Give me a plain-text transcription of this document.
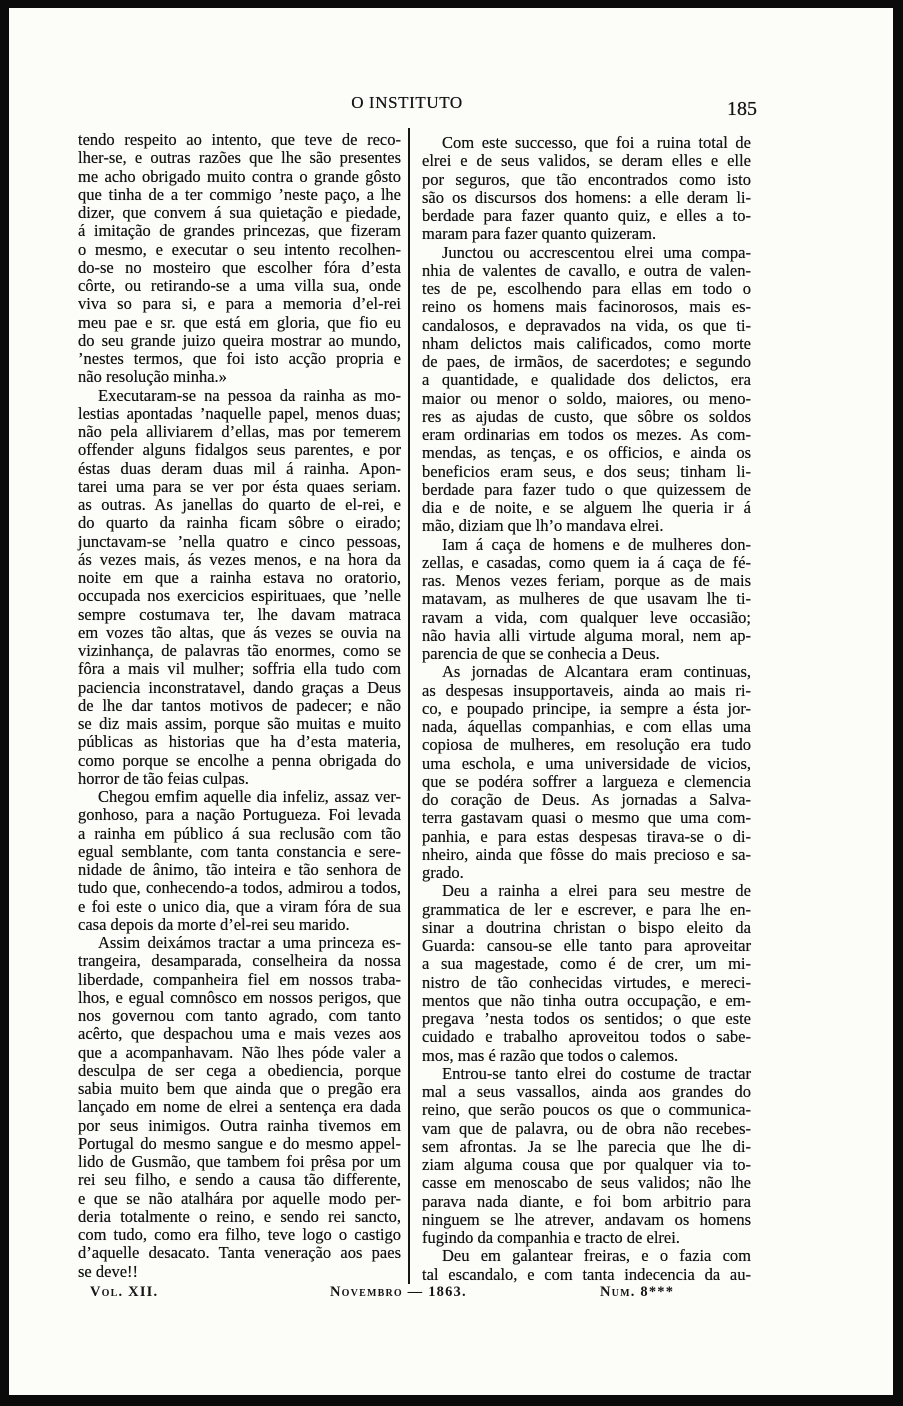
O INSTITUTO	185
tendo respeito ao intento, que teve de reco-
lher-se, e outras razões que lhe são presentes
me acho obrigado muito contra o grande gôsto
que tinha de a ter commigo ’neste paço, a lhe
dizer, que convem á sua quietação e piedade,
á imitação de grandes princezas, que fizeram
o mesmo, e executar o seu intento recolhen-
do-se no mosteiro que escolher fóra d’esta
côrte, ou retirando-se a uma villa sua, onde
viva so para si, e para a memoria d’el-rei
meu pae e sr. que está em gloria, que fio eu
do seu grande juizo queira mostrar ao mundo,
’nestes termos, que foi isto acção propria e
não resolução minha.»
Executaram-se na pessoa da rainha as mo-
lestias apontadas ’naquelle papel, menos duas;
não pela alliviarem d’ellas, mas por temerem
offender alguns fidalgos seus parentes, e por
éstas duas deram duas mil á rainha. Apon-
tarei uma para se ver por ésta quaes seriam.
as outras. As janellas do quarto de el-rei, e
do quarto da rainha ficam sôbre o eirado;
junctavam-se ’nella quatro e cinco pessoas,
ás vezes mais, ás vezes menos, e na hora da
noite em que a rainha estava no oratorio,
occupada nos exercicios espirituaes, que ’nelle
sempre costumava ter, lhe davam matraca
em vozes tão altas, que ás vezes se ouvia na
vizinhança, de palavras tão enormes, como se
fôra a mais vil mulher; soffria ella tudo com
paciencia inconstratavel, dando graças a Deus
de lhe dar tantos motivos de padecer; e não
se diz mais assim, porque são muitas e muito
públicas as historias que ha d’esta materia,
como porque se encolhe a penna obrigada do
horror de tão feias culpas.
Chegou emfim aquelle dia infeliz, assaz ver-
gonhoso, para a nação Portugueza. Foi levada
a rainha em público á sua reclusão com tão
egual semblante, com tanta constancia e sere-
nidade de ânimo, tão inteira e tão senhora de
tudo que, conhecendo-a todos, admirou a todos,
e foi este o unico dia, que a viram fóra de sua
casa depois da morte d’el-rei seu marido.
Assim deixámos tractar a uma princeza es-
trangeira, desamparada, conselheira da nossa
liberdade, companheira fiel em nossos traba-
lhos, e egual comnôsco em nossos perigos, que
nos governou com tanto agrado, com tanto
acêrto, que despachou uma e mais vezes aos
que a acompanhavam. Não lhes póde valer a
desculpa de ser cega a obediencia, porque
sabia muito bem que ainda que o pregão era
lançado em nome de elrei a sentença era dada
por seus inimigos. Outra rainha tivemos em
Portugal do mesmo sangue e do mesmo appel-
lido de Gusmão, que tambem foi prêsa por um
rei seu filho, e sendo a causa tão differente,
e que se não atalhára por aquelle modo per-
deria totalmente o reino, e sendo rei sancto,
com tudo, como era filho, teve logo o castigo
d’aquelle desacato. Tanta veneração aos paes
se deve!!
Com este successo, que foi a ruina total de
elrei e de seus validos, se deram elles e elle
por seguros, que tão encontrados como isto
são os discursos dos homens: a elle deram li-
berdade para fazer quanto quiz, e elles a to-
maram para fazer quanto quizeram.
Junctou ou accrescentou elrei uma compa-
nhia de valentes de cavallo, e outra de valen-
tes de pe, escolhendo para ellas em todo o
reino os homens mais facinorosos, mais es-
candalosos, e depravados na vida, os que ti-
nham delictos mais calificados, como morte
de paes, de irmãos, de sacerdotes; e segundo
a quantidade, e qualidade dos delictos, era
maior ou menor o soldo, maiores, ou meno-
res as ajudas de custo, que sôbre os soldos
eram ordinarias em todos os mezes. As com-
mendas, as tenças, e os officios, e ainda os
beneficios eram seus, e dos seus; tinham li-
berdade para fazer tudo o que quizessem de
dia e de noite, e se alguem lhe queria ir á
mão, diziam que lh’o mandava elrei.
Iam á caça de homens e de mulheres don-
zellas, e casadas, como quem ia á caça de fé-
ras. Menos vezes feriam, porque as de mais
matavam, as mulheres de que usavam lhe ti-
ravam a vida, com qualquer leve occasião;
não havia alli virtude alguma moral, nem ap-
parencia de que se conhecia a Deus.
As jornadas de Alcantara eram continuas,
as despesas insupportaveis, ainda ao mais ri-
co, e poupado principe, ia sempre a ésta jor-
nada, áquellas companhias, e com ellas uma
copiosa de mulheres, em resolução era tudo
uma eschola, e uma universidade de vicios,
que se podéra soffrer a largueza e clemencia
do coração de Deus. As jornadas a Salva-
terra gastavam quasi o mesmo que uma com-
panhia, e para estas despesas tirava-se o di-
nheiro, ainda que fôsse do mais precioso e sa-
grado.
Deu a rainha a elrei para seu mestre de
grammatica de ler e escrever, e para lhe en-
sinar a doutrina christan o bispo eleito da
Guarda: cansou-se elle tanto para aproveitar
a sua magestade, como é de crer, um mi-
nistro de tão conhecidas virtudes, e mereci-
mentos que não tinha outra occupação, e em-
pregava ’nesta todos os sentidos; o que este
cuidado e trabalho aproveitou todos o sabe-
mos, mas é razão que todos o calemos.
Entrou-se tanto elrei do costume de tractar
mal a seus vassallos, ainda aos grandes do
reino, que serão poucos os que o communica-
vam que de palavra, ou de obra não recebes-
sem afrontas. Ja se lhe parecia que lhe di-
ziam alguma cousa que por qualquer via to-
casse em menoscabo de seus validos; não lhe
parava nada diante, e foi bom arbitrio para
ninguem se lhe atrever, andavam os homens
fugindo da companhia e tracto de elrei.
Deu em galantear freiras, e o fazia com
tal escandalo, e com tanta indecencia da au-
Vol. XII.	Novembro — 1863.	Num. 8***
